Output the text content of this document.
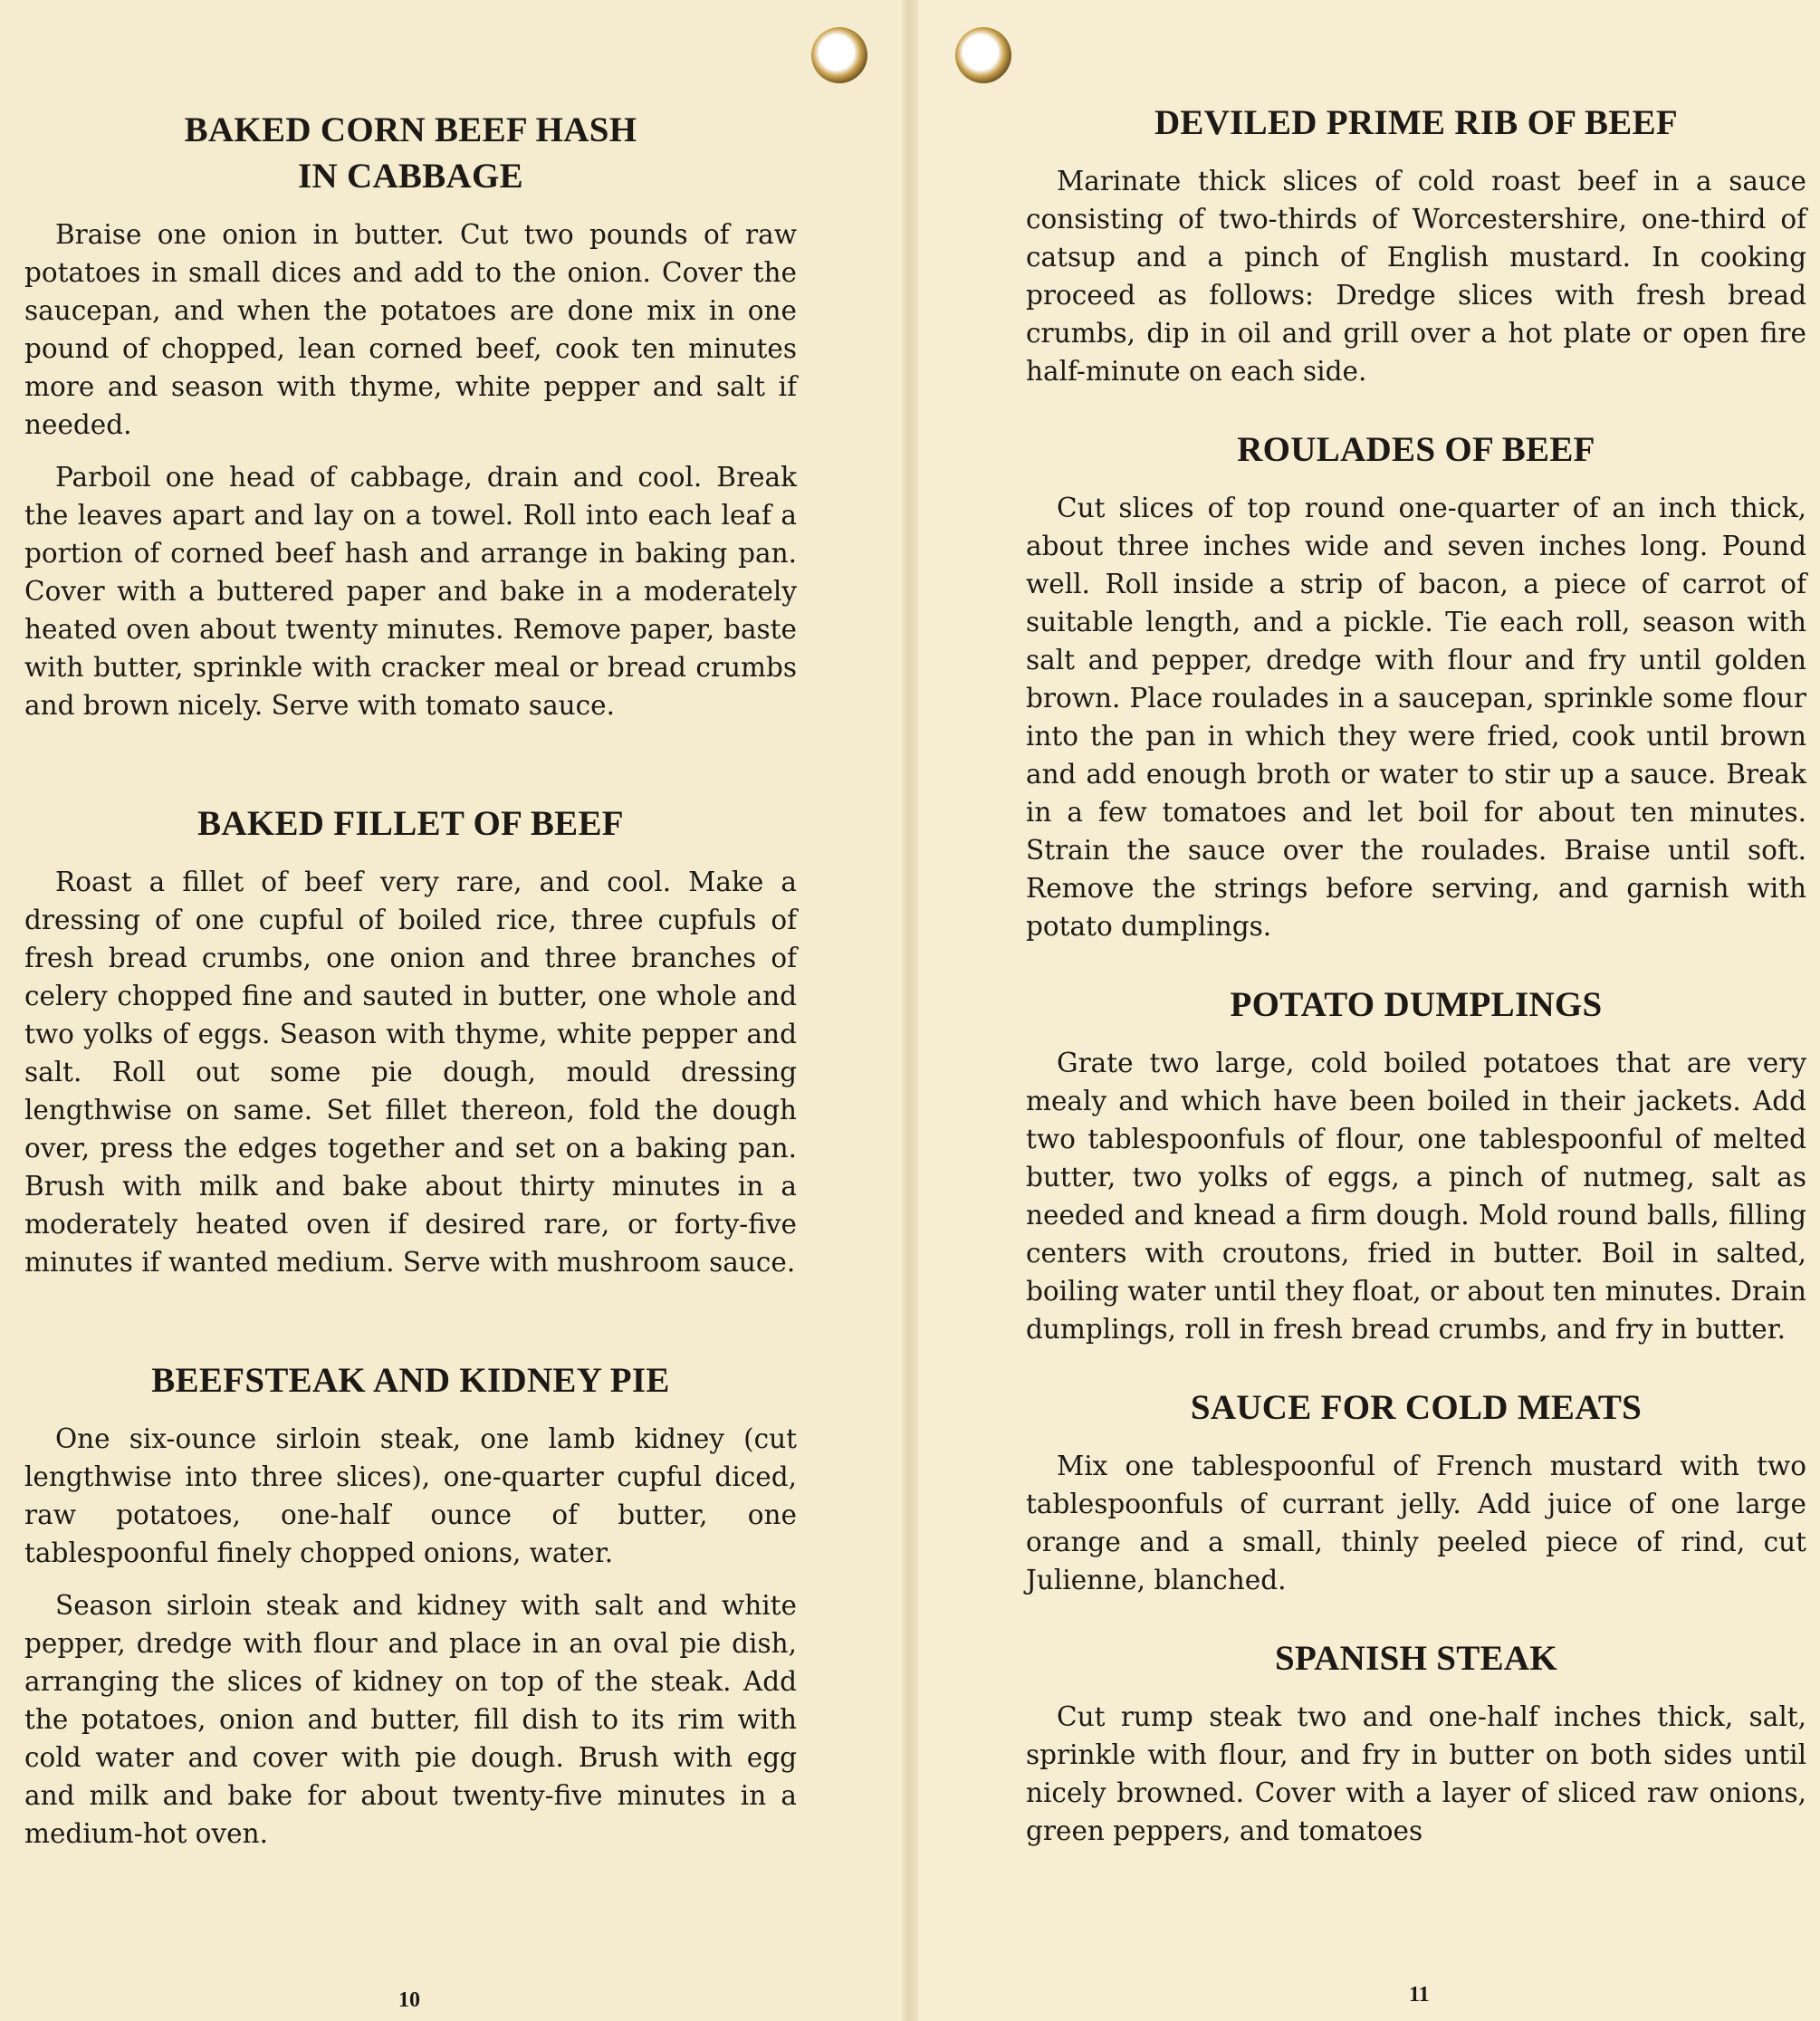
BAKED CORN BEEF HASH
IN CABBAGE

Braise one onion in butter. Cut two pounds of raw potatoes in small dices and add to the onion. Cover the saucepan, and when the potatoes are done mix in one pound of chopped, lean corned beef, cook ten minutes more and season with thyme, white pepper and salt if needed.

Parboil one head of cabbage, drain and cool. Break the leaves apart and lay on a towel. Roll into each leaf a portion of corned beef hash and arrange in baking pan. Cover with a buttered paper and bake in a moderately heated oven about twenty minutes. Remove paper, baste with butter, sprinkle with cracker meal or bread crumbs and brown nicely. Serve with tomato sauce.

BAKED FILLET OF BEEF

Roast a fillet of beef very rare, and cool. Make a dressing of one cupful of boiled rice, three cupfuls of fresh bread crumbs, one onion and three branches of celery chopped fine and sauted in butter, one whole and two yolks of eggs. Season with thyme, white pepper and salt. Roll out some pie dough, mould dressing lengthwise on same. Set fillet thereon, fold the dough over, press the edges together and set on a baking pan. Brush with milk and bake about thirty minutes in a moderately heated oven if desired rare, or forty-five minutes if wanted medium. Serve with mushroom sauce.

BEEFSTEAK AND KIDNEY PIE

One six-ounce sirloin steak, one lamb kidney (cut lengthwise into three slices), one-quarter cupful diced, raw potatoes, one-half ounce of butter, one tablespoonful finely chopped onions, water.

Season sirloin steak and kidney with salt and white pepper, dredge with flour and place in an oval pie dish, arranging the slices of kidney on top of the steak. Add the potatoes, onion and butter, fill dish to its rim with cold water and cover with pie dough. Brush with egg and milk and bake for about twenty-five minutes in a medium-hot oven.

10
DEVILED PRIME RIB OF BEEF

Marinate thick slices of cold roast beef in a sauce consisting of two-thirds of Worcestershire, one-third of catsup and a pinch of English mustard. In cooking proceed as follows: Dredge slices with fresh bread crumbs, dip in oil and grill over a hot plate or open fire half-minute on each side.

ROULADES OF BEEF

Cut slices of top round one-quarter of an inch thick, about three inches wide and seven inches long. Pound well. Roll inside a strip of bacon, a piece of carrot of suitable length, and a pickle. Tie each roll, season with salt and pepper, dredge with flour and fry until golden brown. Place roulades in a saucepan, sprinkle some flour into the pan in which they were fried, cook until brown and add enough broth or water to stir up a sauce. Break in a few tomatoes and let boil for about ten minutes. Strain the sauce over the roulades. Braise until soft. Remove the strings before serving, and garnish with potato dumplings.

POTATO DUMPLINGS

Grate two large, cold boiled potatoes that are very mealy and which have been boiled in their jackets. Add two tablespoonfuls of flour, one tablespoonful of melted butter, two yolks of eggs, a pinch of nutmeg, salt as needed and knead a firm dough. Mold round balls, filling centers with croutons, fried in butter. Boil in salted, boiling water until they float, or about ten minutes. Drain dumplings, roll in fresh bread crumbs, and fry in butter.

SAUCE FOR COLD MEATS

Mix one tablespoonful of French mustard with two tablespoonfuls of currant jelly. Add juice of one large orange and a small, thinly peeled piece of rind, cut Julienne, blanched.

SPANISH STEAK

Cut rump steak two and one-half inches thick, salt, sprinkle with flour, and fry in butter on both sides until nicely browned. Cover with a layer of sliced raw onions, green peppers, and tomatoes

11
